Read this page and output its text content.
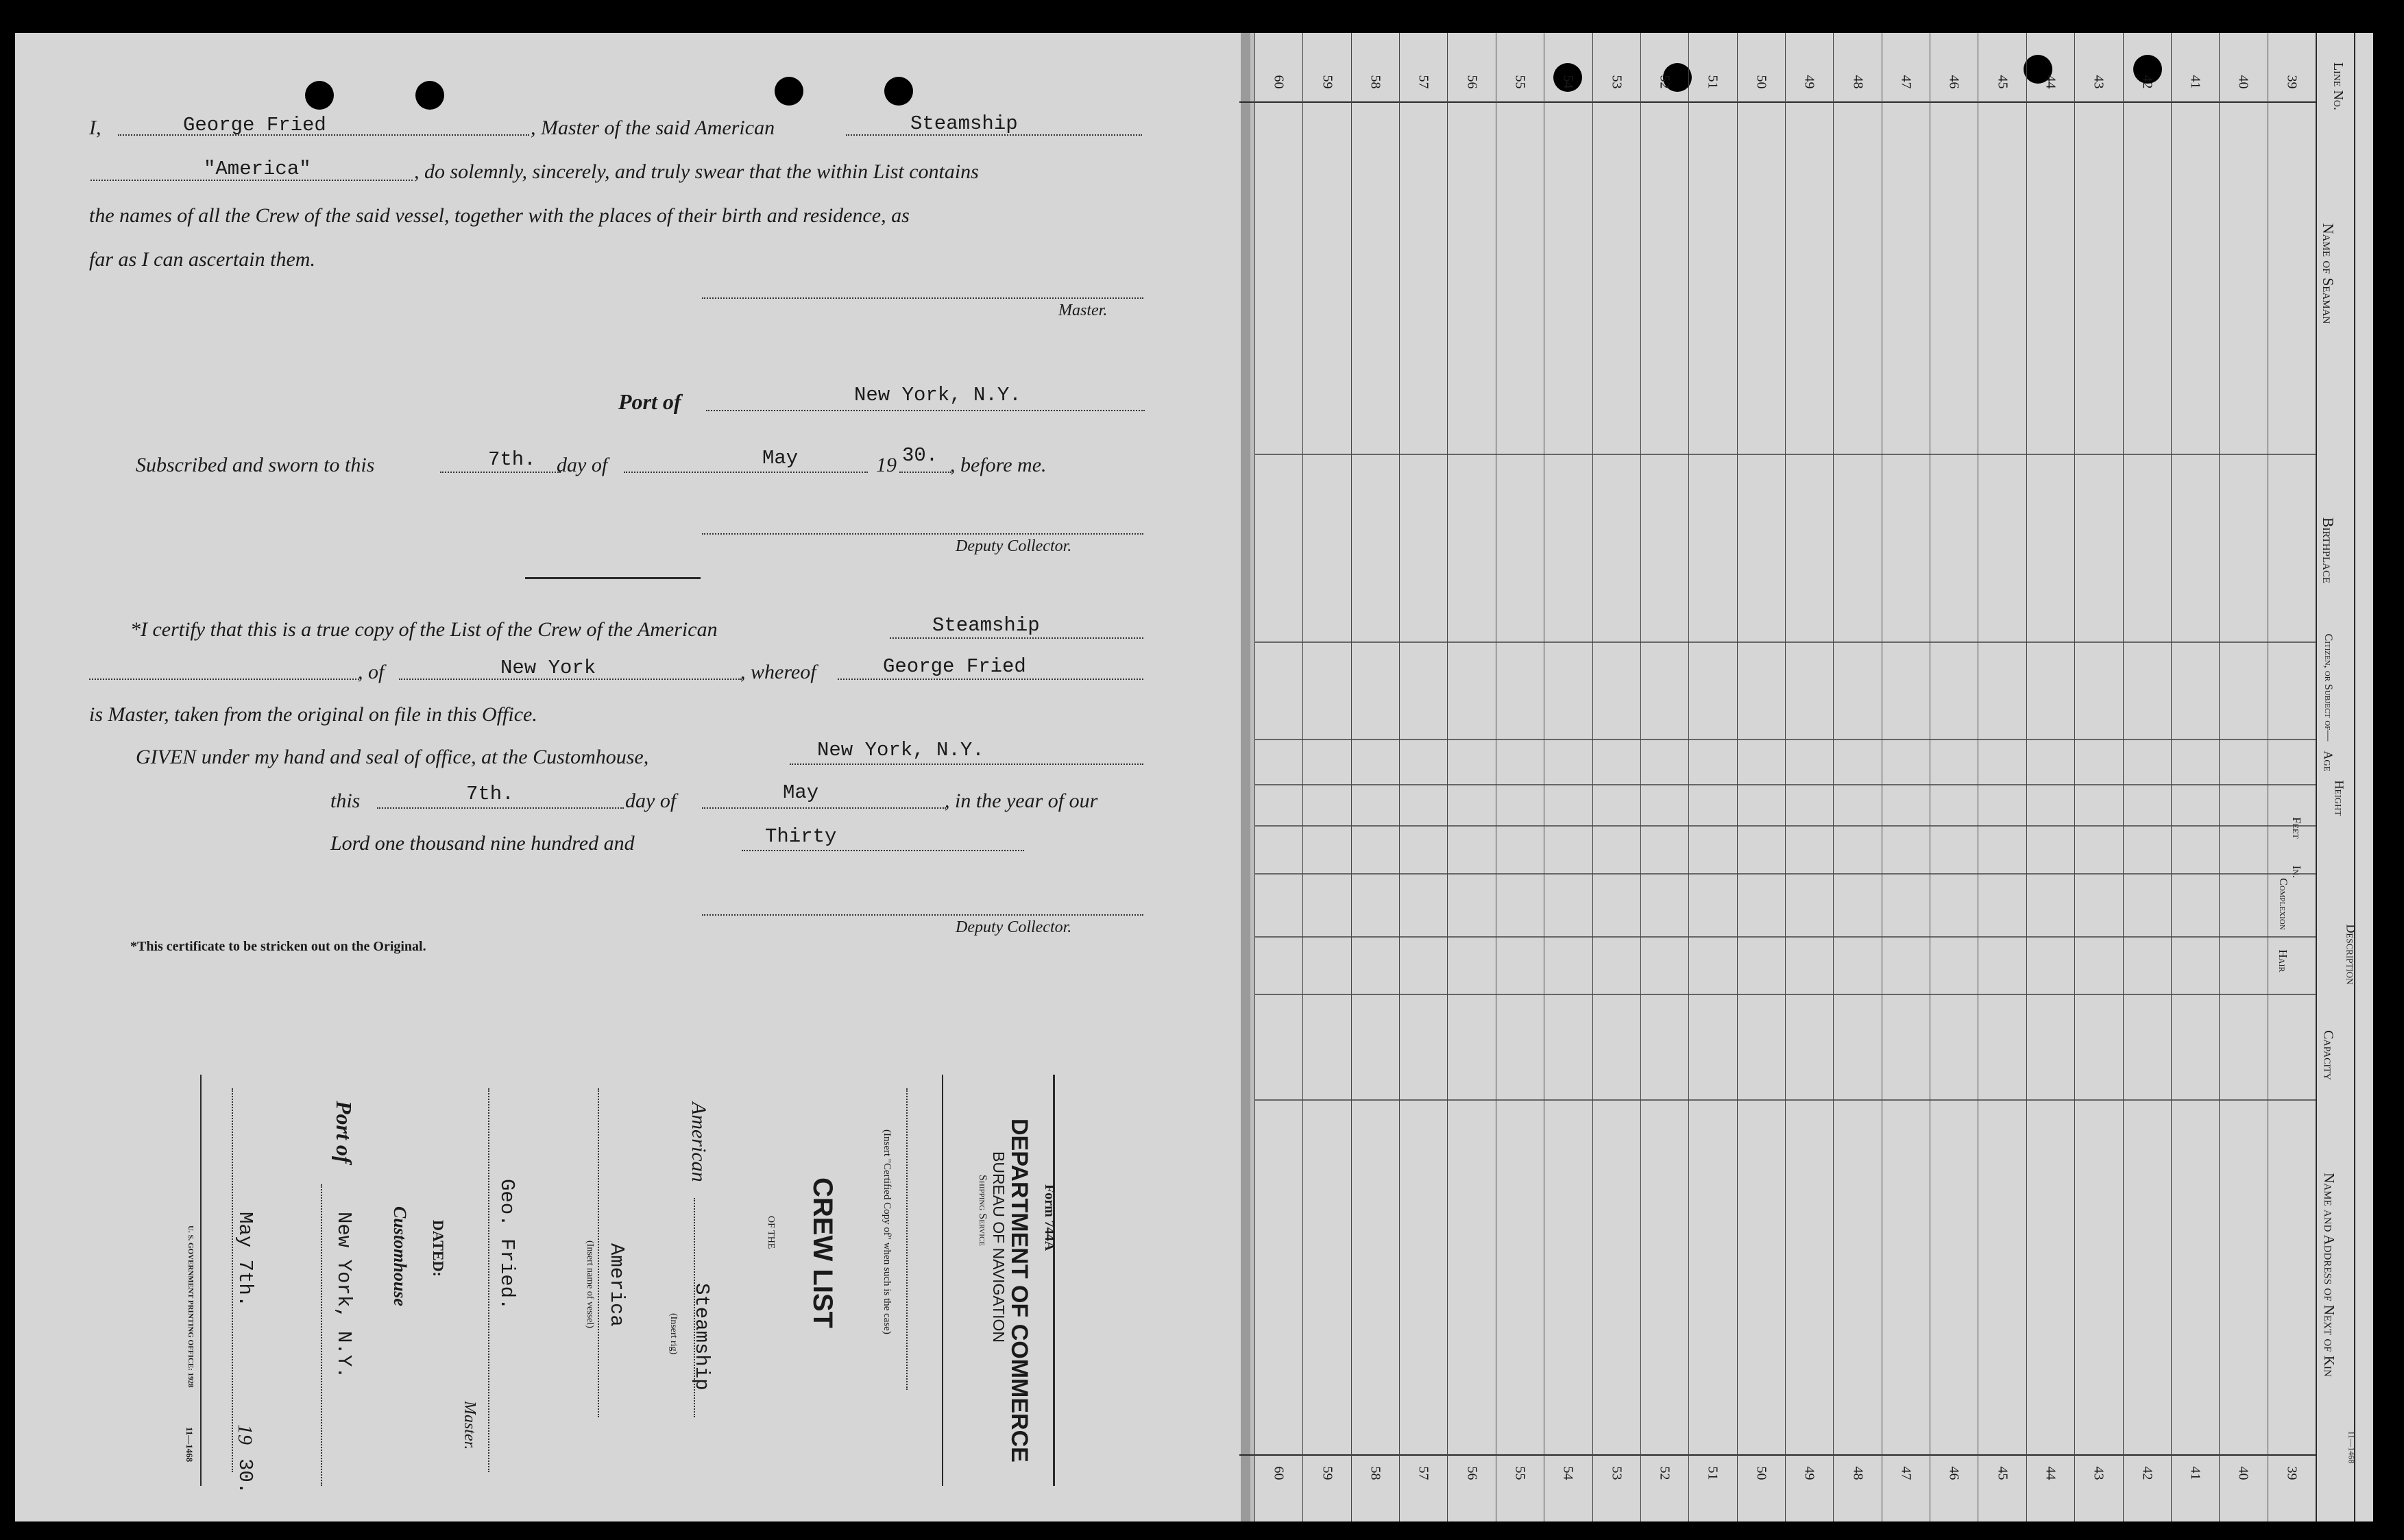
I,	George Fried	, Master of the said American	Steamship
"America"	, do solemnly, sincerely, and truly swear that the within List contains
the names of all the Crew of the said vessel, together with the places of their birth and residence, as
far as I can ascertain them.
Master.
Port of	New York, N.Y.
Subscribed and sworn to this	7th. day of	May	19 30. , before me.
Deputy Collector.
*I certify that this is a true copy of the List of the Crew of the American	Steamship
, of	New York	, whereof	George Fried
is Master, taken from the original on file in this Office.
GIVEN under my hand and seal of office, at the Customhouse,	New York, N.Y.
this	7th.	day of	May	, in the year of our
Lord one thousand nine hundred and	Thirty
Deputy Collector.
*This certificate to be stricken out on the Original.
Form 744A
DEPARTMENT OF COMMERCE
BUREAU OF NAVIGATION
Shipping Service
(Insert "Certified Copy of" when such is the case)
CREW LIST
OF THE
American
Steamship
(Insert rig)
America
(Insert name of vessel)
Geo. Fried.
Master.
DATED:
Customhouse
Port of
New York, N.Y.
May 7th.
19
30.
U. S. GOVERNMENT PRINTING OFFICE: 1928
11—1468
39
40
41
42
43
44
45
46
47
48
49
50
51
52
53
54
55
56
57
58
59
60
39
40
41
42
43
44
45
46
47
48
49
50
51
52
53
54
55
56
57
58
59
60
Line No.
Name of Seaman
Birthplace
Citizen, or Subject of—
Age
Height
Feet
In.
Description
Complexion
Hair
Capacity
Name and Address of Next of Kin
11—1468
